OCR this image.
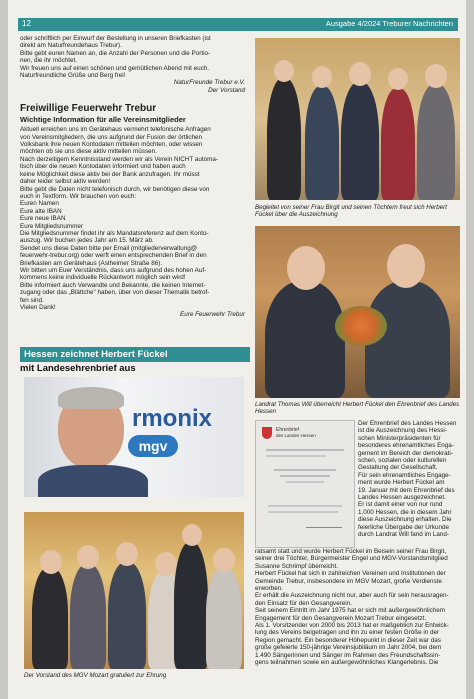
12	Ausgabe 4/2024 Treburer Nachrichten

oder schriftlich per Einwurf der Bestellung in unseren Briefkasten (ist

direkt am Naturfreundehaus Trebur).

Bitte gebt euren Namen an, die Anzahl der Personen und die Portio-

nen, die ihr möchtet.

Wir freuen uns auf einen schönen und gemütlichen Abend mit euch.

Naturfreundliche Grüße und Berg frei!

NaturFreunde Trebur e.V.

Der Vorstand

Freiwillige Feuerwehr Trebur

Wichtige Information für alle Vereinsmitglieder

Aktuell erreichen uns im Gerätehaus vermehrt telefonische Anfragen

von Vereinsmitgliedern, die uns aufgrund der Fusion der örtlichen

Volksbank ihre neuen Kontodaten mitteilen möchten, oder wissen

möchten ob sie uns diese aktiv mitteilen müssen.

Nach derzeitigem Kenntnisstand werden wir als Verein NICHT automa-

tisch über die neuen Kontodaten informiert und haben auch

keine Möglichkeit diese aktiv bei der Bank anzufragen. Ihr müsst

daher leider selbst aktiv werden!

Bitte gebt die Daten nicht telefonisch durch, wir benötigen diese von

euch in Textform. Wir brauchen von euch:

Euren Namen

Eure alte IBAN

Eure neue IBAN

Eure Mitgliedsnummer

Die Mitgliedsnummer findet ihr als Mandatsreferenz auf dem Konto-

auszug. Wir buchen jedes Jahr am 15. März ab.

Sendet uns diese Daten bitte per Email (mitgliederverwaltung@

feuerwehr-trebur.org) oder werft einen entsprechenden Brief in den

Briefkasten am Gerätehaus (Astheimer Straße 86).

Wir bitten um Euer Verständnis, dass uns aufgrund des hohen Auf-

kommens keine individuelle Rückantwort möglich sein wird!

Bitte informiert auch Verwandte und Bekannte, die keinen Internet-

zugang oder das „Blättche" haben, über von dieser Thematik betrof-

fen sind.

Vielen Dank!

Eure Feuerwehr Trebur

Hessen zeichnet Herbert Fückel
mit Landesehrenbrief aus
rmonix
mgv
Der Vorstand des MGV Mozart gratuliert zur Ehrung
Begleitet von seiner Frau Birgit und seinen Töchtern freut sich Herbert Fückel über die Auszeichnung
Landrat Thomas Will überreicht Herbert Fückel den Ehrenbrief des Landes Hessen
Ehrenbrief
des Landes Hessen

Der Ehrenbrief des Landes Hessen

ist die Auszeichnung des Hessi-

schen Ministerpräsidenten für

besonderes ehrenamtliches Enga-

gement im Bereich der demokrati-

schen, sozialen oder kulturellen

Gestaltung der Gesellschaft.

Für sein ehrenamtliches Engage-

ment wurde Herbert Fückel am

19. Januar mit dem Ehrenbrief des

Landes Hessen ausgezeichnet.

Er ist damit einer von nur rund

1.000 Hessen, die in diesem Jahr

diese Auszeichnung erhalten. Die

feierliche Übergabe der Urkunde

durch Landrat Will fand im Land-

ratsamt statt und wurde Herbert Fückel im Beisein seiner Frau Birgit,

seiner drei Töchter, Bürgermeister Engel und MGV-Vorstandsmitglied

Susanne Schrimpf überreicht.

Herbert Fückel hat sich in zahlreichen Vereinen und Institutionen der

Gemeinde Trebur, insbesondere im MGV Mozart, große Verdienste

erworben.

Er erhält die Auszeichnung nicht nur, aber auch für sein herausragen-

den Einsatz für den Gesangverein.

Seit seinem Eintritt im Jahr 1975 hat er sich mit außergewöhnlichem

Engagement für den Gesangverein Mozart Trebur eingesetzt.

Als 1. Vorsitzender von 2000 bis 2013 hat er maßgeblich zur Entwick-

lung des Vereins beigetragen und ihn zu einer festen Größe in der

Region gemacht. Ein besonderer Höhepunkt in dieser Zeit war das

große gefeierte 150-jährige Vereinsjubiläum im Jahr 2004, bei dem

1.490 Sängerinnen und Sänger im Rahmen des Freundschaftssin-

gens teilnahmen sowie ein außergewöhnliches Klangerlebnis. Die
